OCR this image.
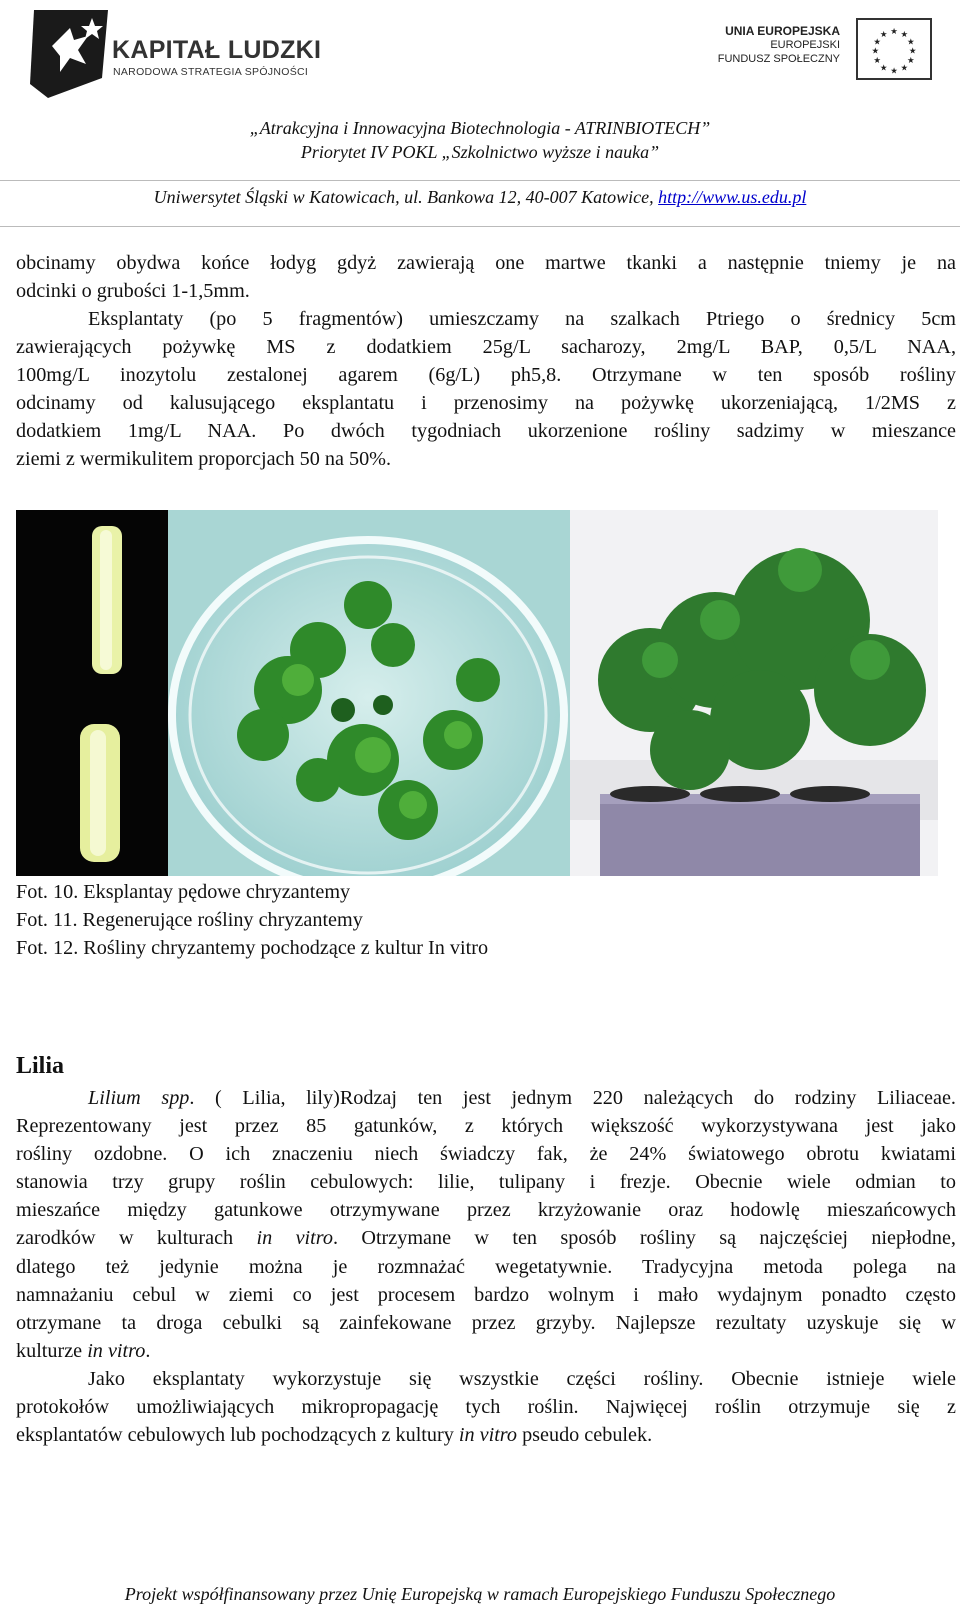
KAPITAŁ LUDZKI
NARODOWA STRATEGIA SPÓJNOŚCI
UNIA EUROPEJSKA
EUROPEJSKI
FUNDUSZ SPOŁECZNY
★ ★
★
★
★
★
★
★
★
★
★
★
„Atrakcyjna i Innowacyjna Biotechnologia - ATRINBIOTECH”
Priorytet IV POKL „Szkolnictwo wyższe i nauka”
Uniwersytet Śląski w Katowicach, ul. Bankowa 12, 40-007 Katowice, http://www.us.edu.pl
obcinamy obydwa końce łodyg gdyż zawierają one martwe tkanki a następnie tniemy je na
odcinki o grubości 1-1,5mm.
Eksplantaty (po 5 fragmentów) umieszczamy na szalkach Ptriego o średnicy 5cm
zawierających pożywkę MS z dodatkiem 25g/L sacharozy, 2mg/L BAP, 0,5/L NAA,
100mg/L inozytolu zestalonej agarem (6g/L) ph5,8. Otrzymane w ten sposób rośliny
odcinamy od kalusującego eksplantatu i przenosimy na pożywkę ukorzeniającą, 1/2MS z
dodatkiem 1mg/L NAA. Po dwóch tygodniach ukorzenione rośliny sadzimy w mieszance
ziemi z wermikulitem proporcjach 50 na 50%.
Fot. 10. Eksplantay pędowe chryzantemy
Fot. 11. Regenerujące rośliny chryzantemy
Fot. 12. Rośliny chryzantemy pochodzące z kultur In vitro
Lilia
Lilium spp. ( Lilia, lily)Rodzaj ten jest jednym 220 należących do rodziny Liliaceae.
Reprezentowany jest przez 85 gatunków, z których większość wykorzystywana jest jako
rośliny ozdobne. O ich znaczeniu niech świadczy fak, że 24% światowego obrotu kwiatami
stanowia trzy grupy roślin cebulowych: lilie, tulipany i frezje. Obecnie wiele odmian to
mieszańce między gatunkowe otrzymywane przez krzyżowanie oraz hodowlę mieszańcowych
zarodków w kulturach in vitro. Otrzymane w ten sposób rośliny są najczęściej niepłodne,
dlatego też jedynie można je rozmnażać wegetatywnie. Tradycyjna metoda polega na
namnażaniu cebul w ziemi co jest procesem bardzo wolnym i mało wydajnym ponadto często
otrzymane ta droga cebulki są zainfekowane przez grzyby. Najlepsze rezultaty uzyskuje się w
kulturze in vitro.
Jako eksplantaty wykorzystuje się wszystkie części rośliny. Obecnie istnieje wiele
protokołów umożliwiających mikropropagację tych roślin. Najwięcej roślin otrzymuje się z
eksplantatów cebulowych lub pochodzących z kultury in vitro pseudo cebulek.
Projekt współfinansowany przez Unię Europejską w ramach Europejskiego Funduszu Społecznego
